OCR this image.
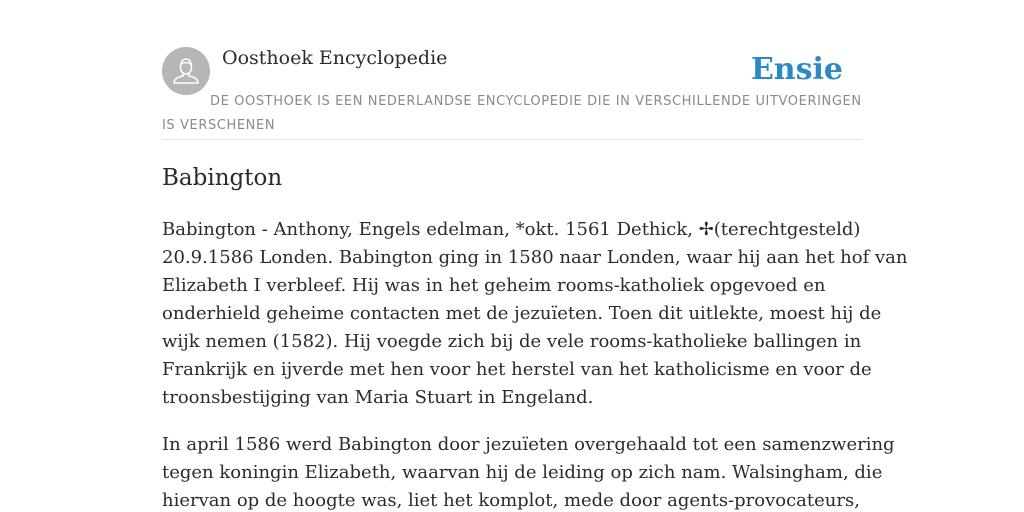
Oosthoek Encyclopedie	Ensie

DE OOSTHOEK IS EEN NEDERLANDSE ENCYCLOPEDIE DIE IN VERSCHILLENDE UITVOERINGEN IS VERSCHENEN

Babington

Babington - Anthony, Engels edelman, *okt. 1561 Dethick, ✢(terechtgesteld)
20.9.1586 Londen. Babington ging in 1580 naar Londen, waar hij aan het hof van
Elizabeth I verbleef. Hij was in het geheim rooms-katholiek opgevoed en
onderhield geheime contacten met de jezuïeten. Toen dit uitlekte, moest hij de
wijk nemen (1582). Hij voegde zich bij de vele rooms-katholieke ballingen in
Frankrijk en ijverde met hen voor het herstel van het katholicisme en voor de
troonsbestijging van Maria Stuart in Engeland.

In april 1586 werd Babington door jezuïeten overgehaald tot een samenzwering
tegen koningin Elizabeth, waarvan hij de leiding op zich nam. Walsingham, die
hiervan op de hoogte was, liet het komplot, mede door agents-provocateurs,
